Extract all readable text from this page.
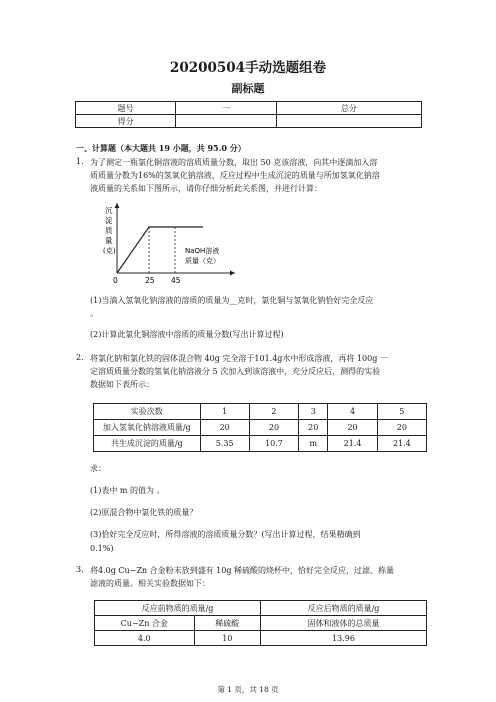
20200504手动选题组卷
副标题
题号	一	总分
得分		
一、计算题（本大题共 19 小题，共 95.0 分）
1. 为了测定一瓶氯化铜溶液的溶质质量分数，取出 50 克该溶液，向其中逐滴加入溶
质质量分数为16%的氢氧化钠溶液，反应过程中生成沉淀的质量与所加氢氧化钠溶
液质量的关系如下图所示，请你仔细分析此关系图，并进行计算：
沉
淀
质
量
(克)	NaOH溶液
质量（克）
0	25 45
(1)当滴入氢氧化钠溶液的溶质的质量为__克时，氯化铜与氢氧化钠恰好完全反应
。
(2)计算此氯化铜溶液中溶质的质量分数(写出计算过程)
2. 将氯化钠和氯化铁的固体混合物 40g 完全溶于101.4g水中形成溶液，再将 100g 一
定溶质质量分数的氢氧化钠溶液分 5 次加入到该溶液中，充分反应后，测得的实验
数据如下表所示：
实验次数	1	2	3	4	5
加入氢氧化钠溶液质量/g	20	20	20	20	20
共生成沉淀的质量/g	5.35	10.7	m	21.4	21.4
求：
(1)表中 m 的值为 。
(2)原混合物中氯化铁的质量？
(3)恰好完全反应时，所得溶液的溶质质量分数？(写出计算过程，结果精确到
0.1%)
3. 将4.0g Cu−Zn 合金粉末放到盛有 10g 稀硫酸的烧杯中，恰好完全反应，过滤、称量
滤液的质量。相关实验数据如下：
反应前物质的质量/g		反应后物质的质量/g
Cu−Zn 合金	稀硫酸	固体和液体的总质量
4.0	10	13.96
第 1 页，共 18 页
